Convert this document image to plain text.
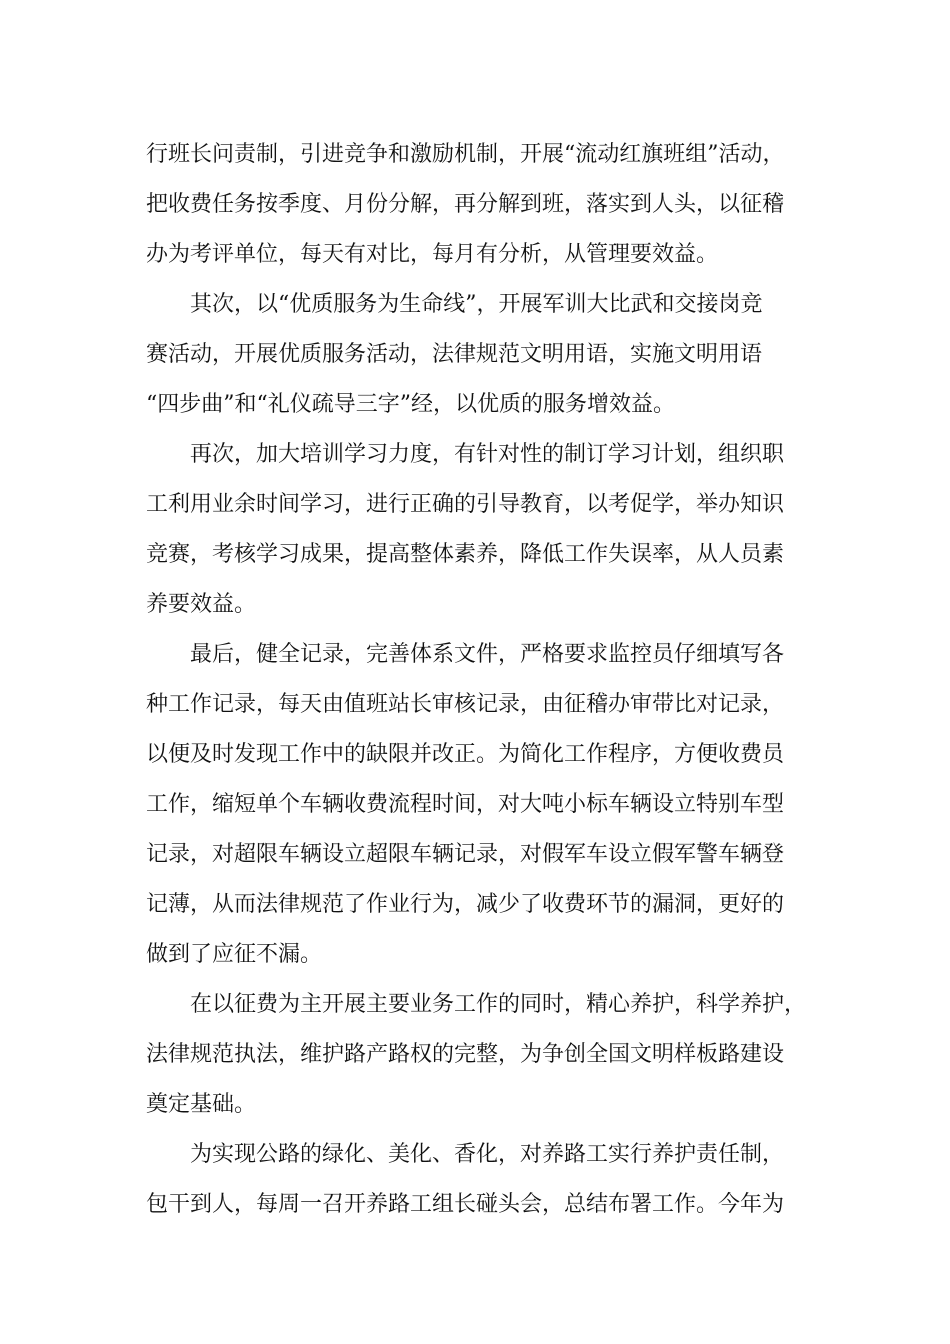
行班长问责制，引进竞争和激励机制，开展“流动红旗班组”活动，
把收费任务按季度、月份分解，再分解到班，落实到人头，以征稽
办为考评单位，每天有对比，每月有分析，从管理要效益。
其次，以“优质服务为生命线”，开展军训大比武和交接岗竞
赛活动，开展优质服务活动，法律规范文明用语，实施文明用语
“四步曲”和“礼仪疏导三字”经，以优质的服务增效益。
再次，加大培训学习力度，有针对性的制订学习计划，组织职
工利用业余时间学习，进行正确的引导教育，以考促学，举办知识
竞赛，考核学习成果，提高整体素养，降低工作失误率，从人员素
养要效益。
最后，健全记录，完善体系文件，严格要求监控员仔细填写各
种工作记录，每天由值班站长审核记录，由征稽办审带比对记录，
以便及时发现工作中的缺限并改正。为简化工作程序，方便收费员
工作，缩短单个车辆收费流程时间，对大吨小标车辆设立特别车型
记录，对超限车辆设立超限车辆记录，对假军车设立假军警车辆登
记薄，从而法律规范了作业行为，减少了收费环节的漏洞，更好的
做到了应征不漏。
在以征费为主开展主要业务工作的同时，精心养护，科学养护，
法律规范执法，维护路产路权的完整，为争创全国文明样板路建设
奠定基础。
为实现公路的绿化、美化、香化，对养路工实行养护责任制，
包干到人，每周一召开养路工组长碰头会，总结布署工作。今年为
